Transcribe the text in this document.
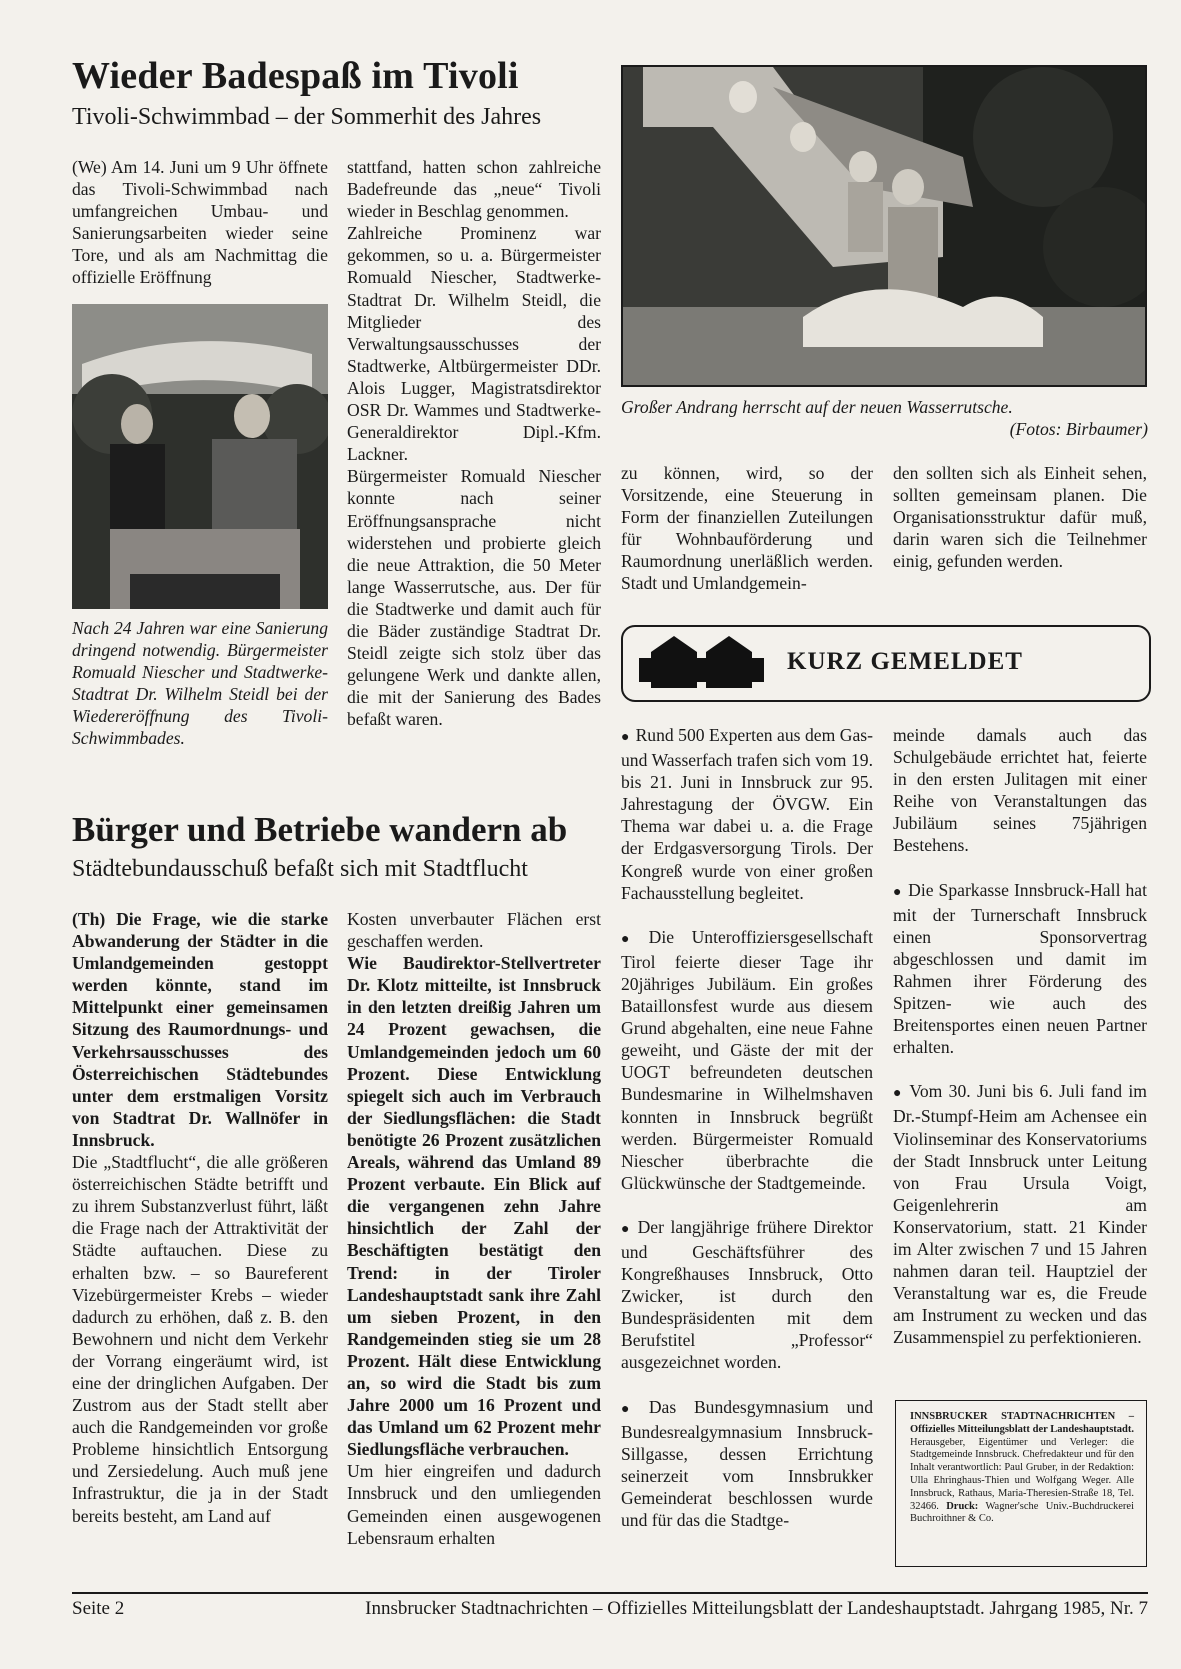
Wieder Badespaß im Tivoli
Tivoli-Schwimmbad – der Sommerhit des Jahres

(We) Am 14. Juni um 9 Uhr öffnete das Tivoli-Schwimmbad nach umfangreichen Umbau- und Sanierungsarbeiten wieder seine Tore, und als am Nachmittag die offizielle Eröffnung

Nach 24 Jahren war eine Sanierung dringend notwendig. Bürgermeister Romuald Niescher und Stadtwerke-Stadtrat Dr. Wilhelm Steidl bei der Wiedereröffnung des Tivoli-Schwimmbades.

stattfand, hatten schon zahlreiche Badefreunde das „neue“ Tivoli wieder in Beschlag genommen.

Zahlreiche Prominenz war gekommen, so u. a. Bürgermeister Romuald Niescher, Stadtwerke-Stadtrat Dr. Wilhelm Steidl, die Mitglieder des Verwaltungsausschusses der Stadtwerke, Altbürgermeister DDr. Alois Lugger, Magistratsdirektor OSR Dr. Wammes und Stadtwerke-Generaldirektor Dipl.-Kfm. Lackner.

Bürgermeister Romuald Niescher konnte nach seiner Eröffnungsansprache nicht widerstehen und probierte gleich die neue Attraktion, die 50 Meter lange Wasserrutsche, aus. Der für die Stadtwerke und damit auch für die Bäder zuständige Stadtrat Dr. Steidl zeigte sich stolz über das gelungene Werk und dankte allen, die mit der Sanierung des Bades befaßt waren.

Großer Andrang herrscht auf der neuen Wasserrutsche.
(Fotos: Birbaumer)
zu können, wird, so der Vorsitzende, eine Steuerung in Form der finanziellen Zuteilungen für Wohnbauförderung und Raumordnung unerläßlich werden. Stadt und Umlandgemein-
den sollten sich als Einheit sehen, sollten gemeinsam planen. Die Organisationsstruktur dafür muß, darin waren sich die Teilnehmer einig, gefunden werden.
KURZ GEMELDET
Bürger und Betriebe wandern ab
Städtebundausschuß befaßt sich mit Stadtflucht

(Th) Die Frage, wie die starke Abwanderung der Städter in die Umlandgemeinden gestoppt werden könnte, stand im Mittelpunkt einer gemeinsamen Sitzung des Raumordnungs- und Verkehrsausschusses des Österreichischen Städtebundes unter dem erstmaligen Vorsitz von Stadtrat Dr. Wallnöfer in Innsbruck.

Die „Stadtflucht“, die alle größeren österreichischen Städte betrifft und zu ihrem Substanzverlust führt, läßt die Frage nach der Attraktivität der Städte auftauchen. Diese zu erhalten bzw. – so Baureferent Vizebürgermeister Krebs – wieder dadurch zu erhöhen, daß z. B. den Bewohnern und nicht dem Verkehr der Vorrang eingeräumt wird, ist eine der dringlichen Aufgaben. Der Zustrom aus der Stadt stellt aber auch die Randgemeinden vor große Probleme hinsichtlich Entsorgung und Zersiedelung. Auch muß jene Infrastruktur, die ja in der Stadt bereits besteht, am Land auf

Kosten unverbauter Flächen erst geschaffen werden.

Wie Baudirektor-Stellvertreter Dr. Klotz mitteilte, ist Innsbruck in den letzten dreißig Jahren um 24 Prozent gewachsen, die Umlandgemeinden jedoch um 60 Prozent. Diese Entwicklung spiegelt sich auch im Verbrauch der Siedlungsflächen: die Stadt benötigte 26 Prozent zusätzlichen Areals, während das Umland 89 Prozent verbaute. Ein Blick auf die vergangenen zehn Jahre hinsichtlich der Zahl der Beschäftigten bestätigt den Trend: in der Tiroler Landeshauptstadt sank ihre Zahl um sieben Prozent, in den Randgemeinden stieg sie um 28 Prozent. Hält diese Entwicklung an, so wird die Stadt bis zum Jahre 2000 um 16 Prozent und das Umland um 62 Prozent mehr Siedlungsfläche verbrauchen.

Um hier eingreifen und dadurch Innsbruck und den umliegenden Gemeinden einen ausgewogenen Lebensraum erhalten

● Rund 500 Experten aus dem Gas- und Wasserfach trafen sich vom 19. bis 21. Juni in Innsbruck zur 95. Jahrestagung der ÖVGW. Ein Thema war dabei u. a. die Frage der Erdgasversorgung Tirols. Der Kongreß wurde von einer großen Fachausstellung begleitet.

● Die Unteroffiziersgesellschaft Tirol feierte dieser Tage ihr 20jähriges Jubiläum. Ein großes Bataillonsfest wurde aus diesem Grund abgehalten, eine neue Fahne geweiht, und Gäste der mit der UOGT befreundeten deutschen Bundesmarine in Wilhelmshaven konnten in Innsbruck begrüßt werden. Bürgermeister Romuald Niescher überbrachte die Glückwünsche der Stadtgemeinde.

● Der langjährige frühere Direktor und Geschäftsführer des Kongreßhauses Innsbruck, Otto Zwicker, ist durch den Bundespräsidenten mit dem Berufstitel „Professor“ ausgezeichnet worden.

● Das Bundesgymnasium und Bundesrealgymnasium Innsbruck-Sillgasse, dessen Errichtung seinerzeit vom Innsbrukker Gemeinderat beschlossen wurde und für das die Stadtge-

meinde damals auch das Schulgebäude errichtet hat, feierte in den ersten Julitagen mit einer Reihe von Veranstaltungen das Jubiläum seines 75jährigen Bestehens.

● Die Sparkasse Innsbruck-Hall hat mit der Turnerschaft Innsbruck einen Sponsorvertrag abgeschlossen und damit im Rahmen ihrer Förderung des Spitzen- wie auch des Breitensportes einen neuen Partner erhalten.

● Vom 30. Juni bis 6. Juli fand im Dr.-Stumpf-Heim am Achensee ein Violinseminar des Konservatoriums der Stadt Innsbruck unter Leitung von Frau Ursula Voigt, Geigenlehrerin am Konservatorium, statt. 21 Kinder im Alter zwischen 7 und 15 Jahren nahmen daran teil. Hauptziel der Veranstaltung war es, die Freude am Instrument zu wecken und das Zusammenspiel zu perfektionieren.

INNSBRUCKER STADTNACHRICHTEN – Offizielles Mitteilungsblatt der Landeshauptstadt. Herausgeber, Eigentümer und Verleger: die Stadtgemeinde Innsbruck. Chefredakteur und für den Inhalt verantwortlich: Paul Gruber, in der Redaktion: Ulla Ehringhaus-Thien und Wolfgang Weger. Alle Innsbruck, Rathaus, Maria-Theresien-Straße 18, Tel. 32466. Druck: Wagner'sche Univ.-Buchdruckerei Buchroithner & Co.
Seite 2	Innsbrucker Stadtnachrichten – Offizielles Mitteilungsblatt der Landeshauptstadt. Jahrgang 1985, Nr. 7
